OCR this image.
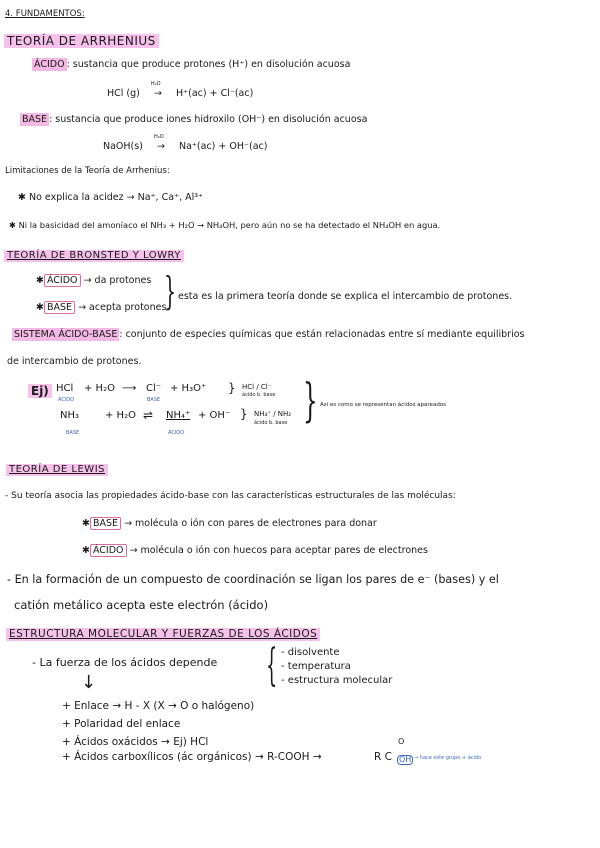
4. FUNDAMENTOS:
TEORÍA DE ARRHENIUS
ÁCIDO : sustancia que produce protones (H⁺) en disolución acuosa
HCl (g)
H₂O
→ H⁺(ac) + Cl⁻(ac)
BASE : sustancia que produce iones hidroxilo (OH⁻) en disolución acuosa
NaOH(s)
H₂O
→ Na⁺(ac) + OH⁻(ac)
Limitaciones de la Teoría de Arrhenius:
✱ No explica la acidez → Na⁺, Ca⁺, Al³⁺
✱ Ni la basicidad del amoníaco el NH₃ + H₂O → NH₄OH, pero aún no se ha detectado el NH₄OH en agua.
TEORÍA DE BRONSTED Y LOWRY
✱ ÁCIDO → da protones
✱ BASE → acepta protones
} esta es la primera teoría donde se explica el intercambio de protones.
SISTEMA ÁCIDO-BASE : conjunto de especies químicas que están relacionadas entre sí mediante equilibrios
de intercambio de protones.
Ej) HCl
ÁCIDO
+ H₂O ⟶ Cl⁻
BASE
+ H₃O⁺ } HCl / Cl⁻
ácido b. base
NH₃
BASE
+ H₂O ⇌ NH₄⁺
ÁCIDO
+ OH⁻ } NH₄⁺ / NH₂
ácido b. base } Así es como se representan ácidos apareados
TEORÍA DE LEWIS
- Su teoría asocia las propiedades ácido-base con las características estructurales de las moléculas:
✱ BASE → molécula o ión con pares de electrones para donar
✱ ÁCIDO → molécula o ión con huecos para aceptar pares de electrones
- En la formación de un compuesto de coordinación se ligan los pares de e⁻ (bases) y el
catión metálico acepta este electrón (ácido)
ESTRUCTURA MOLECULAR Y FUERZAS DE LOS ÁCIDOS
- La fuerza de los ácidos depende { - disolvente
- temperatura
- estructura molecular
↓
+ Enlace → H - X (X → O o halógeno)
+ Polaridad del enlace
+ Ácidos oxácidos → Ej) HCl
+ Ácidos carboxílicos (ác orgánicos) → R-COOH →	R C
O
OH → hace este grupo + ácido
